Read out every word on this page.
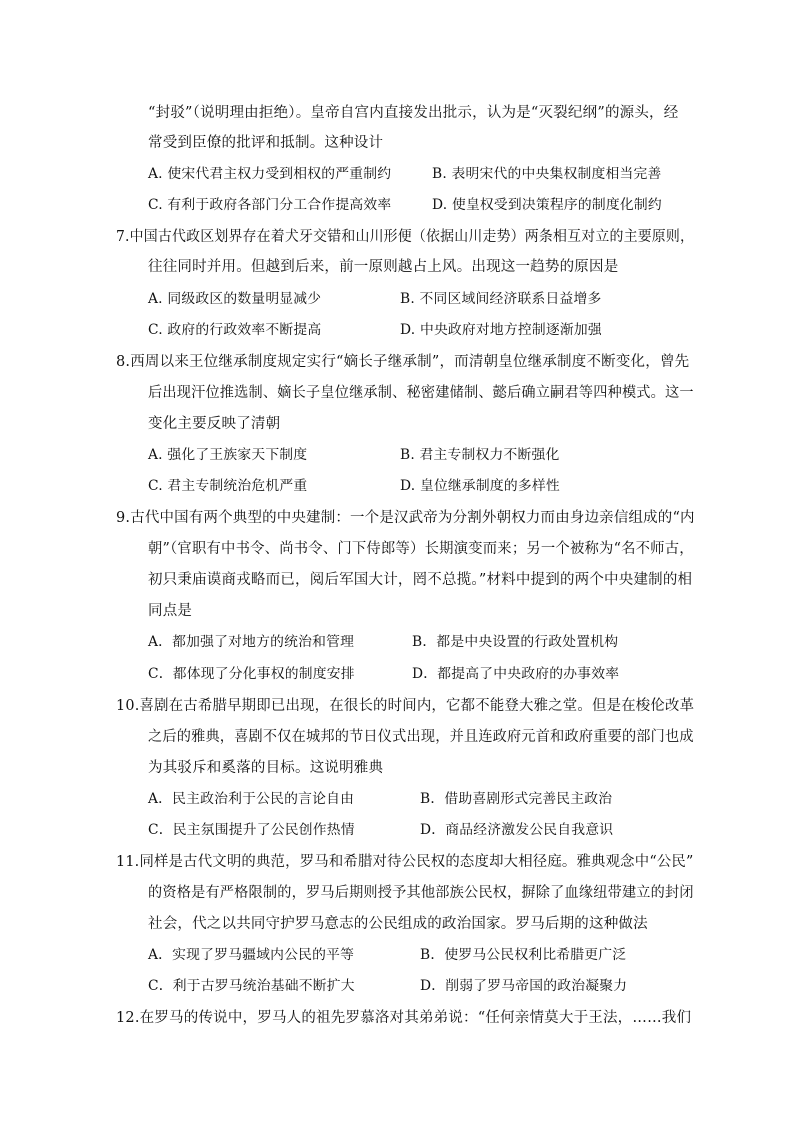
“封驳”（说明理由拒绝）。皇帝自宫内直接发出批示，认为是“灭裂纪纲”的源头，经
常受到臣僚的批评和抵制。这种设计
A. 使宋代君主权力受到相权的严重制约	B. 表明宋代的中央集权制度相当完善
C. 有利于政府各部门分工合作提高效率	D. 使皇权受到决策程序的制度化制约
7.中国古代政区划界存在着犬牙交错和山川形便（依据山川走势）两条相互对立的主要原则，
往往同时并用。但越到后来，前一原则越占上风。出现这一趋势的原因是
A. 同级政区的数量明显减少	B. 不同区域间经济联系日益增多
C. 政府的行政效率不断提高	D. 中央政府对地方控制逐渐加强
8.西周以来王位继承制度规定实行“嫡长子继承制”，而清朝皇位继承制度不断变化，曾先
后出现汗位推选制、嫡长子皇位继承制、秘密建储制、懿后确立嗣君等四种模式。这一
变化主要反映了清朝
A. 强化了王族家天下制度	B. 君主专制权力不断强化
C. 君主专制统治危机严重	D. 皇位继承制度的多样性
9.古代中国有两个典型的中央建制：一个是汉武帝为分割外朝权力而由身边亲信组成的“内
朝”（官职有中书令、尚书令、门下侍郎等）长期演变而来；另一个被称为“名不师古，
初只秉庙谟商戎略而已，阅后军国大计，罔不总揽。”材料中提到的两个中央建制的相
同点是
A．都加强了对地方的统治和管理	B．都是中央设置的行政处置机构
C．都体现了分化事权的制度安排	D．都提高了中央政府的办事效率
10.喜剧在古希腊早期即已出现，在很长的时间内，它都不能登大雅之堂。但是在梭伦改革
之后的雅典，喜剧不仅在城邦的节日仪式出现，并且连政府元首和政府重要的部门也成
为其驳斥和奚落的目标。这说明雅典
A．民主政治利于公民的言论自由	B．借助喜剧形式完善民主政治
C．民主氛围提升了公民创作热情	D．商品经济激发公民自我意识
11.同样是古代文明的典范，罗马和希腊对待公民权的态度却大相径庭。雅典观念中“公民”
的资格是有严格限制的，罗马后期则授予其他部族公民权，摒除了血缘纽带建立的封闭
社会，代之以共同守护罗马意志的公民组成的政治国家。罗马后期的这种做法
A．实现了罗马疆域内公民的平等	B．使罗马公民权利比希腊更广泛
C．利于古罗马统治基础不断扩大	D．削弱了罗马帝国的政治凝聚力
12.在罗马的传说中，罗马人的祖先罗慕洛对其弟弟说：“任何亲情莫大于王法，……我们
